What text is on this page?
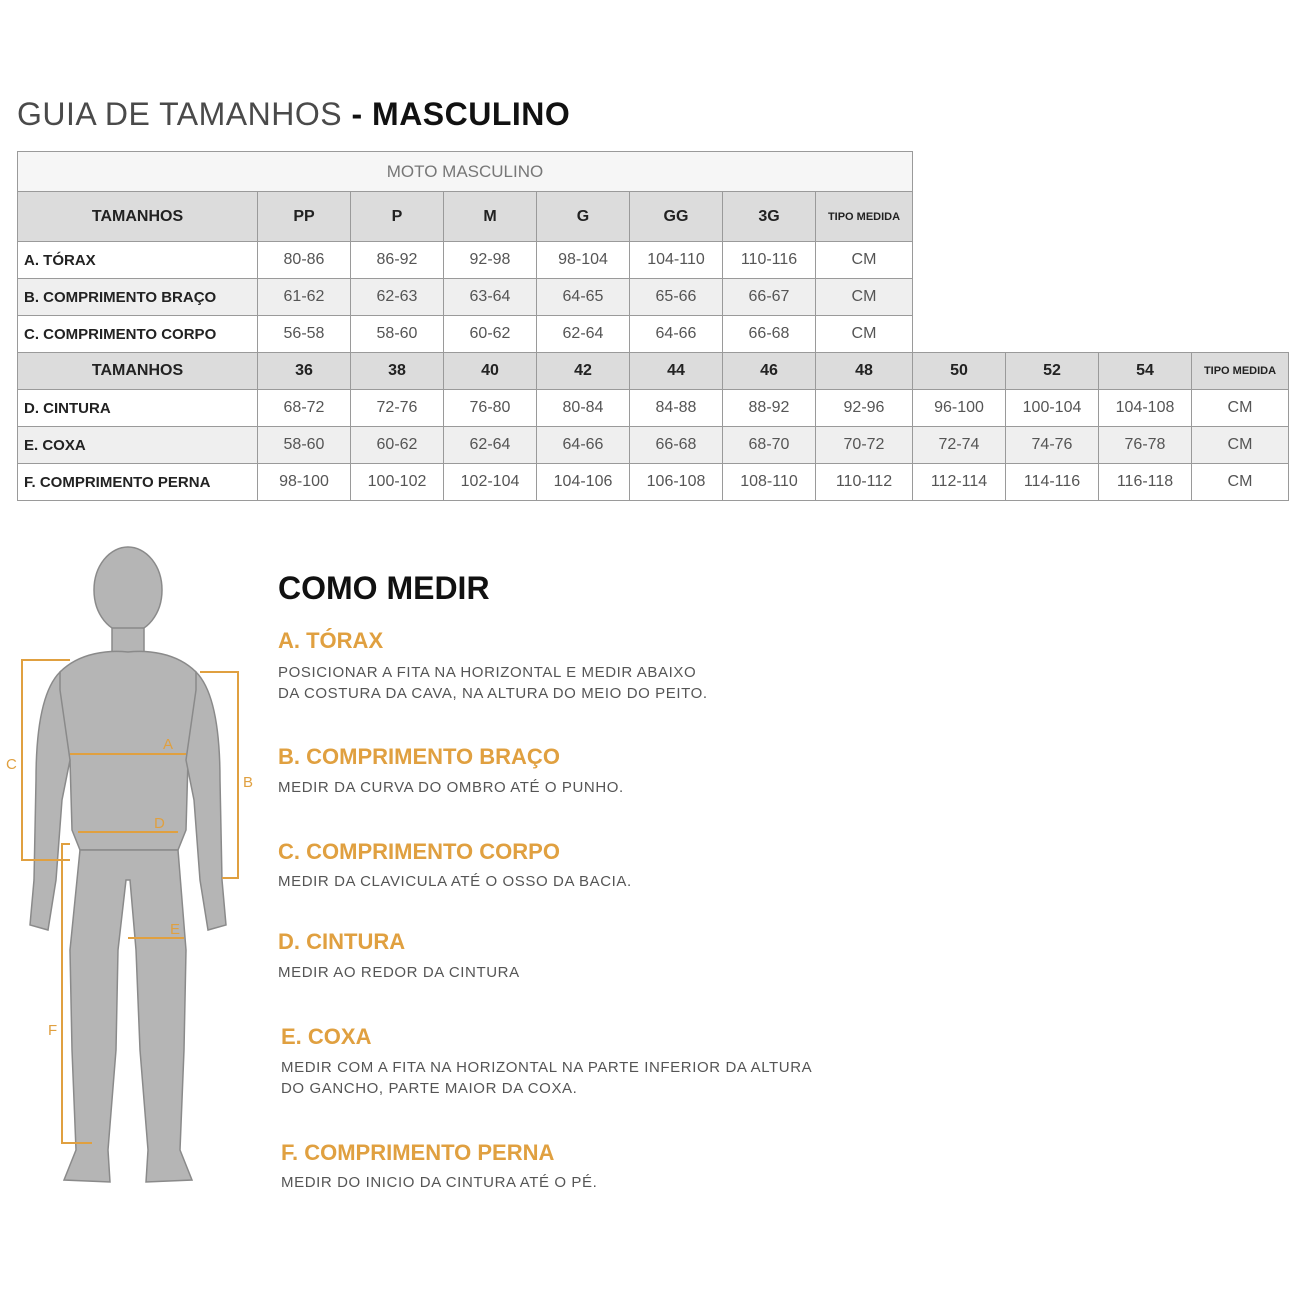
GUIA DE TAMANHOS - MASCULINO
MOTO MASCULINO							
TAMANHOS	PP	P	M	G	GG	3G	TIPO MEDIDA
A. TÓRAX	80-86	86-92	92-98	98-104	104-110	110-116	CM
B. COMPRIMENTO BRAÇO	61-62	62-63	63-64	64-65	65-66	66-67	CM
C. COMPRIMENTO CORPO	56-58	58-60	60-62	62-64	64-66	66-68	CM
TAMANHOS	36	38	40	42	44	46	48	50	52	54	TIPO MEDIDA
D. CINTURA	68-72	72-76	76-80	80-84	84-88	88-92	92-96	96-100	100-104	104-108	CM
E. COXA	58-60	60-62	62-64	64-66	66-68	68-70	70-72	72-74	74-76	76-78	CM
F. COMPRIMENTO PERNA	98-100	100-102	102-104	104-106	106-108	108-110	110-112	112-114	114-116	116-118	CM
A
B
C
D
E
F
COMO MEDIR
A. TÓRAX
POSICIONAR A FITA NA HORIZONTAL E MEDIR ABAIXO
DA COSTURA DA CAVA, NA ALTURA DO MEIO DO PEITO.
B. COMPRIMENTO BRAÇO
MEDIR DA CURVA DO OMBRO ATÉ O PUNHO.
C. COMPRIMENTO CORPO
MEDIR DA CLAVICULA ATÉ O OSSO DA BACIA.
D. CINTURA
MEDIR AO REDOR DA CINTURA
E. COXA
MEDIR COM A FITA NA HORIZONTAL NA PARTE INFERIOR DA ALTURA
DO GANCHO, PARTE MAIOR DA COXA.
F. COMPRIMENTO PERNA
MEDIR DO INICIO DA CINTURA ATÉ O PÉ.
